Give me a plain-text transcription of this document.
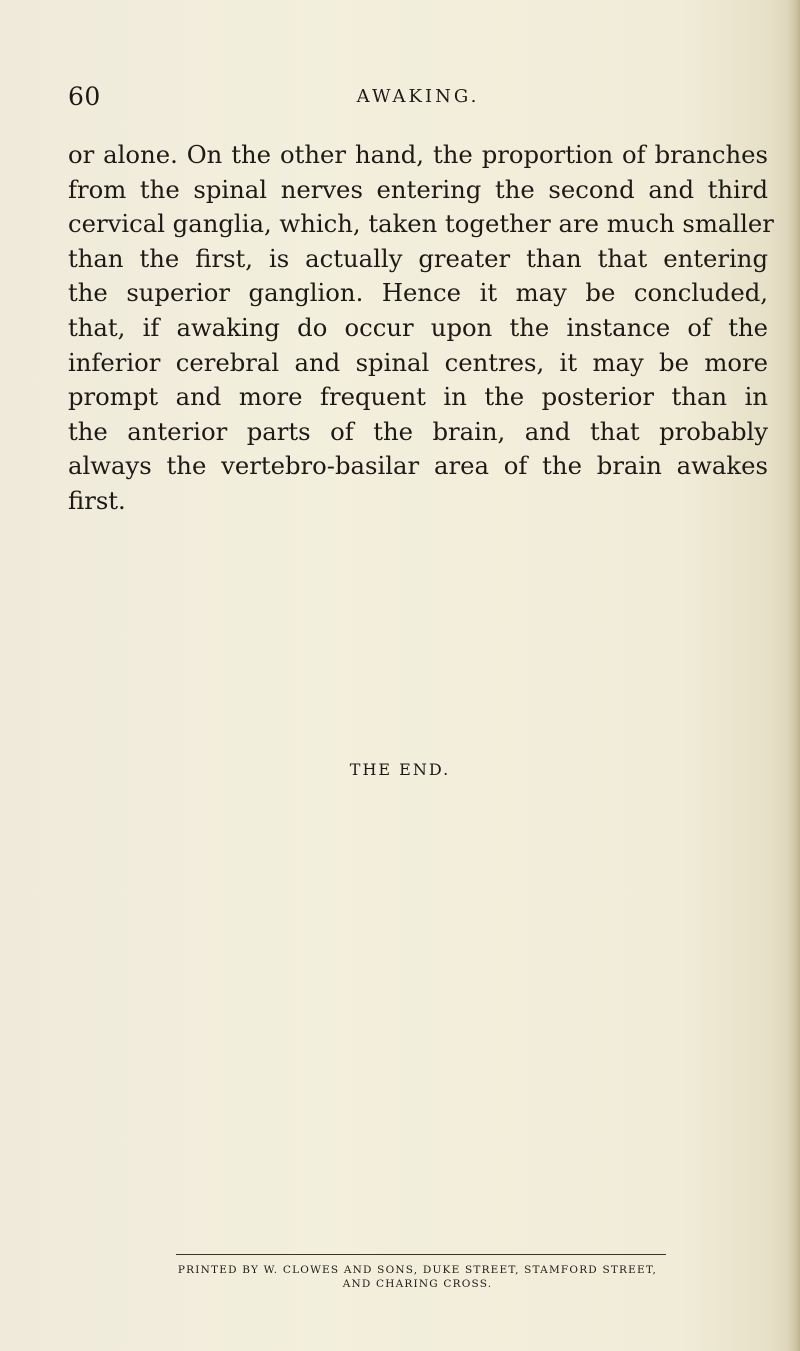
60	AWAKING.

or alone. On the other hand, the proportion of branches
from the spinal nerves entering the second and third
cervical ganglia, which, taken together are much smaller
than the first, is actually greater than that entering
the superior ganglion. Hence it may be concluded,
that, if awaking do occur upon the instance of the
inferior cerebral and spinal centres, it may be more
prompt and more frequent in the posterior than in
the anterior parts of the brain, and that probably
always the vertebro-basilar area of the brain awakes
first.

THE END.
PRINTED BY W. CLOWES AND SONS, DUKE STREET, STAMFORD STREET,
AND CHARING CROSS.
